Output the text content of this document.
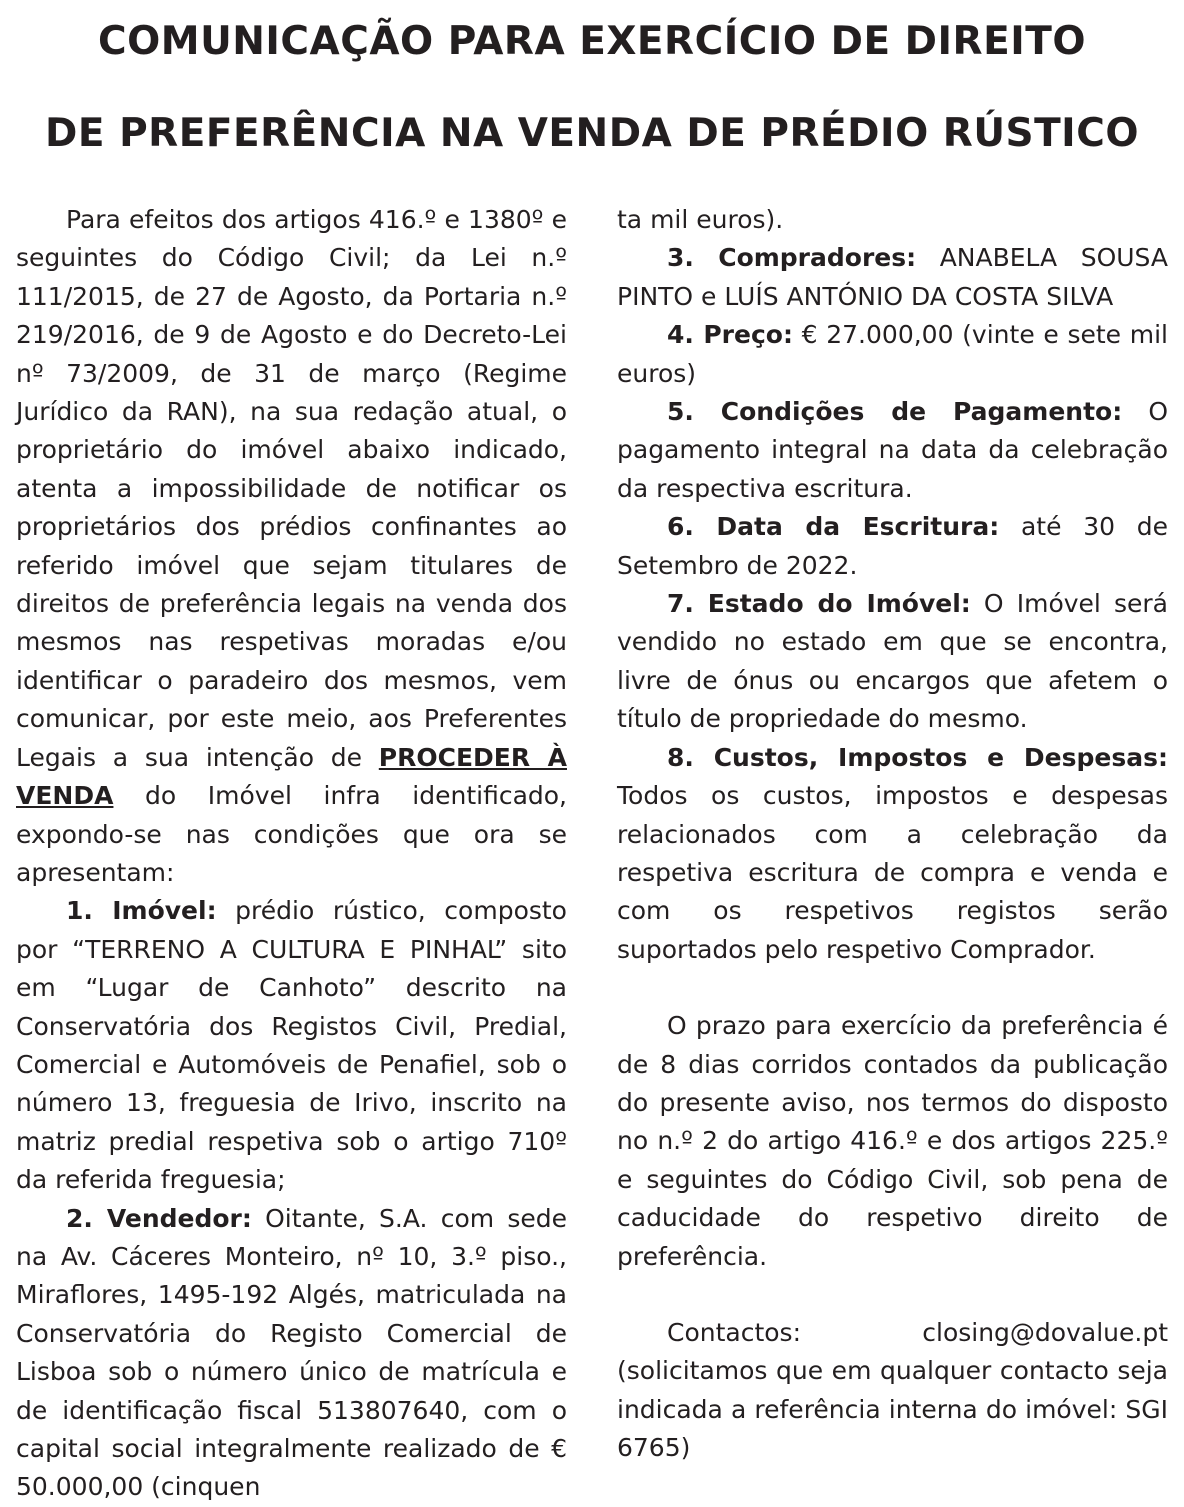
COMUNICAÇÃO PARA EXERCÍCIO DE DIREITO
DE PREFERÊNCIA NA VENDA DE PRÉDIO RÚSTICO

Para efeitos dos artigos 416.º e 1380º e seguintes do Código Civil; da Lei n.º 111/2015, de 27 de Agosto, da Portaria n.º 219/2016, de 9 de Agosto e do Decreto-Lei nº 73/2009, de 31 de março (Regime Jurídico da RAN), na sua redação atual, o proprietário do imóvel abaixo indicado, atenta a impossibilidade de notificar os proprietários dos prédios confinantes ao referido imóvel que sejam titulares de direitos de preferência legais na venda dos mesmos nas respetivas moradas e/ou identificar o paradeiro dos mesmos, vem comunicar, por este meio, aos Preferentes Legais a sua intenção de PROCEDER À VENDA do Imóvel infra identificado, expondo-se nas condições que ora se apresentam:

1. Imóvel: prédio rústico, composto por “TERRENO A CULTURA E PINHAL” sito em “Lugar de Canhoto” descrito na Conservatória dos Registos Civil, Predial, Comercial e Automóveis de Penafiel, sob o número 13, freguesia de Irivo, inscrito na matriz predial respetiva sob o artigo 710º da referida freguesia;

2. Vendedor: Oitante, S.A. com sede na Av. Cáceres Monteiro, nº 10, 3.º piso., Miraflores, 1495-192 Algés, matriculada na Conservatória do Registo Comercial de Lisboa sob o número único de matrícula e de identificação fiscal 513807640, com o capital social integralmente realizado de € 50.000,00 (cinquen

ta mil euros).

3. Compradores: ANABELA SOUSA PINTO e LUÍS ANTÓNIO DA COSTA SILVA

4. Preço: € 27.000,00 (vinte e sete mil euros)

5. Condições de Pagamento: O pagamento integral na data da celebração da respectiva escritura.

6. Data da Escritura: até 30 de Setembro de 2022.

7. Estado do Imóvel: O Imóvel será vendido no estado em que se encontra, livre de ónus ou encargos que afetem o título de propriedade do mesmo.

8. Custos, Impostos e Despesas: Todos os custos, impostos e despesas relacionados com a celebração da respetiva escritura de compra e venda e com os respetivos registos serão suportados pelo respetivo Comprador.

O prazo para exercício da preferência é de 8 dias corridos contados da publicação do presente aviso, nos termos do disposto no n.º 2 do artigo 416.º e dos artigos 225.º e seguintes do Código Civil, sob pena de caducidade do respetivo direito de preferência.

Contactos: closing@dovalue.pt (solicitamos que em qualquer contacto seja indicada a referência interna do imóvel: SGI 6765)
